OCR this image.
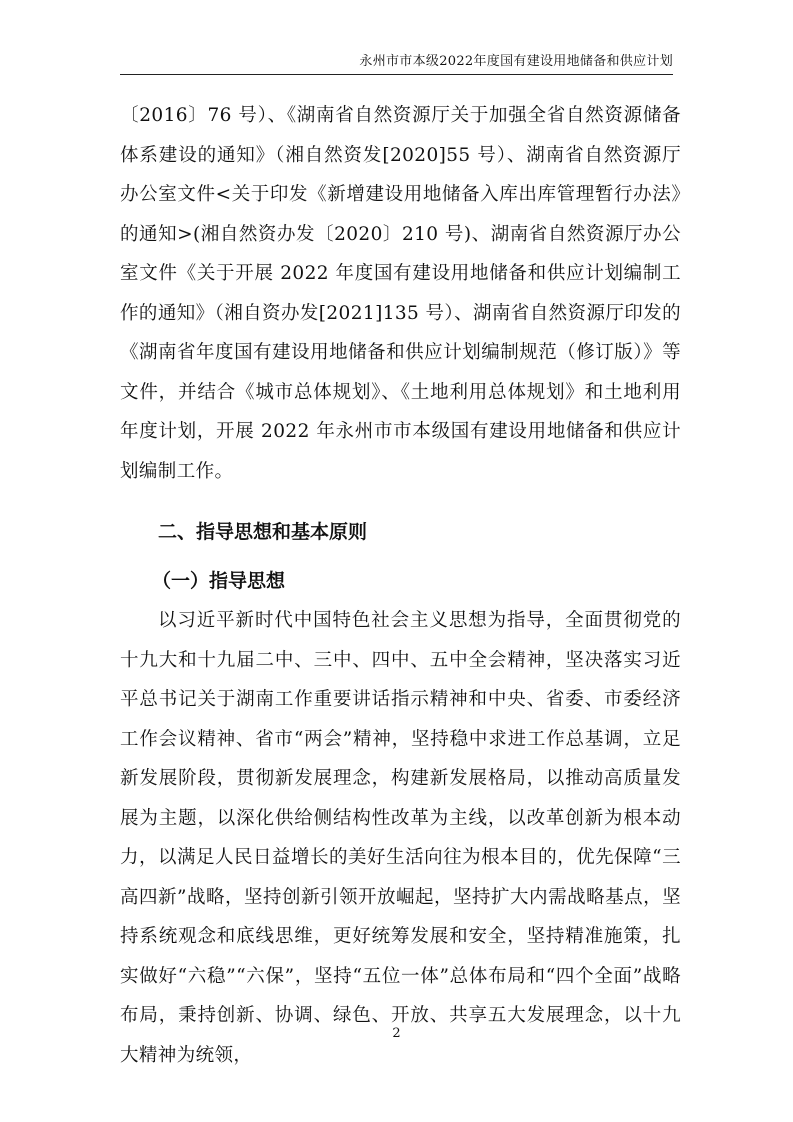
永州市市本级2022年度国有建设用地储备和供应计划

〔2016〕76 号）、《湖南省自然资源厅关于加强全省自然资源储备体系建设的通知》（湘自然资发[2020]55 号）、湖南省自然资源厅办公室文件<关于印发《新增建设用地储备入库出库管理暂行办法》的通知>(湘自然资办发〔2020〕210 号)、湖南省自然资源厅办公室文件《关于开展 2022 年度国有建设用地储备和供应计划编制工作的通知》（湘自资办发[2021]135 号）、湖南省自然资源厅印发的《湖南省年度国有建设用地储备和供应计划编制规范（修订版）》等文件，并结合《城市总体规划》、《土地利用总体规划》和土地利用年度计划，开展 2022 年永州市市本级国有建设用地储备和供应计划编制工作。

二、指导思想和基本原则
（一）指导思想

以习近平新时代中国特色社会主义思想为指导，全面贯彻党的十九大和十九届二中、三中、四中、五中全会精神，坚决落实习近平总书记关于湖南工作重要讲话指示精神和中央、省委、市委经济工作会议精神、省市“两会”精神，坚持稳中求进工作总基调，立足新发展阶段，贯彻新发展理念，构建新发展格局，以推动高质量发展为主题，以深化供给侧结构性改革为主线，以改革创新为根本动力，以满足人民日益增长的美好生活向往为根本目的，优先保障“三高四新”战略，坚持创新引领开放崛起，坚持扩大内需战略基点，坚持系统观念和底线思维，更好统筹发展和安全，坚持精准施策，扎实做好“六稳”“六保”，坚持“五位一体”总体布局和“四个全面”战略布局，秉持创新、协调、绿色、开放、共享五大发展理念，以十九大精神为统领，

2
